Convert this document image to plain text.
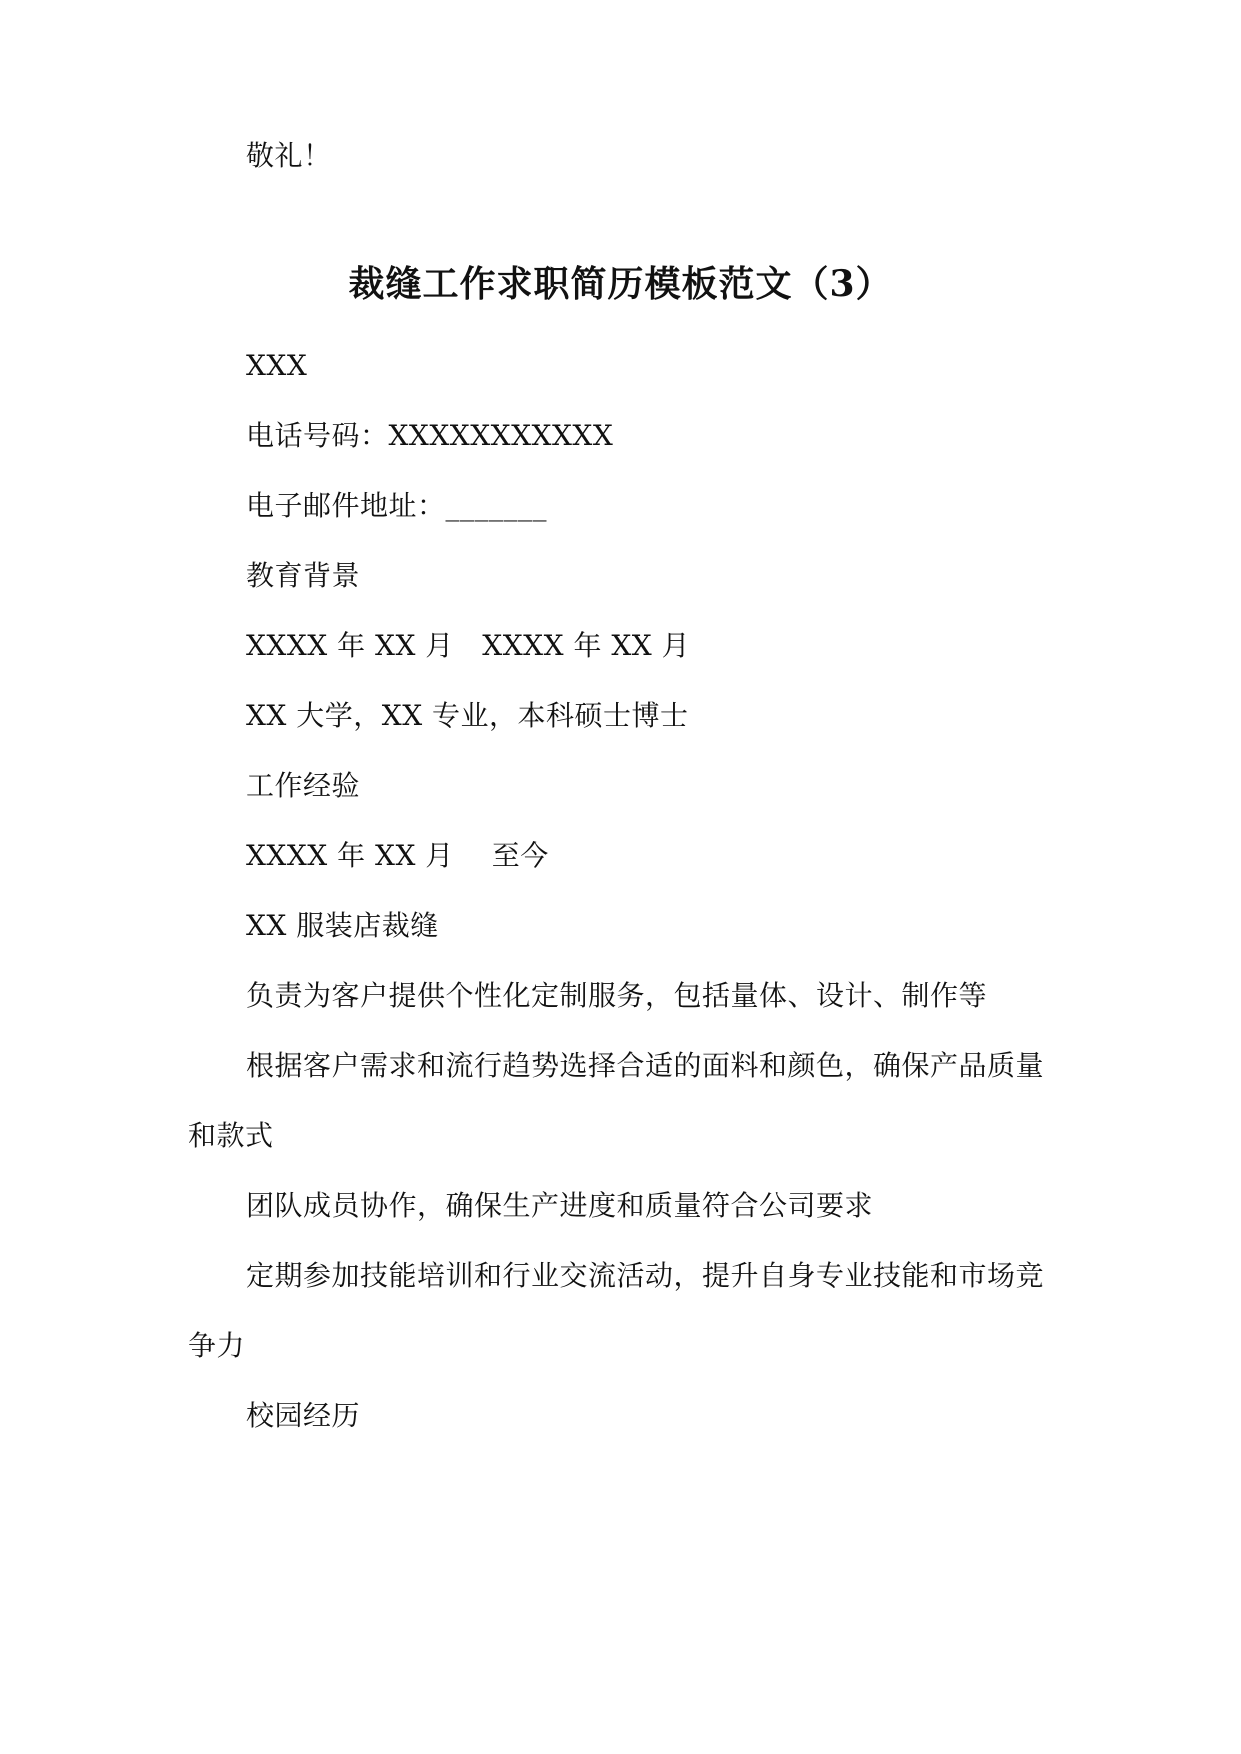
敬礼！
裁缝工作求职简历模板范文（3）
XXX
电话号码：XXXXXXXXXXX
电子邮件地址：_______
教育背景
XXXX 年 XX 月　XXXX 年 XX 月
XX 大学，XX 专业，本科硕士博士
工作经验
XXXX 年 XX 月　 至今
XX 服装店裁缝
负责为客户提供个性化定制服务，包括量体、设计、制作等
根据客户需求和流行趋势选择合适的面料和颜色，确保产品质量
和款式
团队成员协作，确保生产进度和质量符合公司要求
定期参加技能培训和行业交流活动，提升自身专业技能和市场竞
争力
校园经历
